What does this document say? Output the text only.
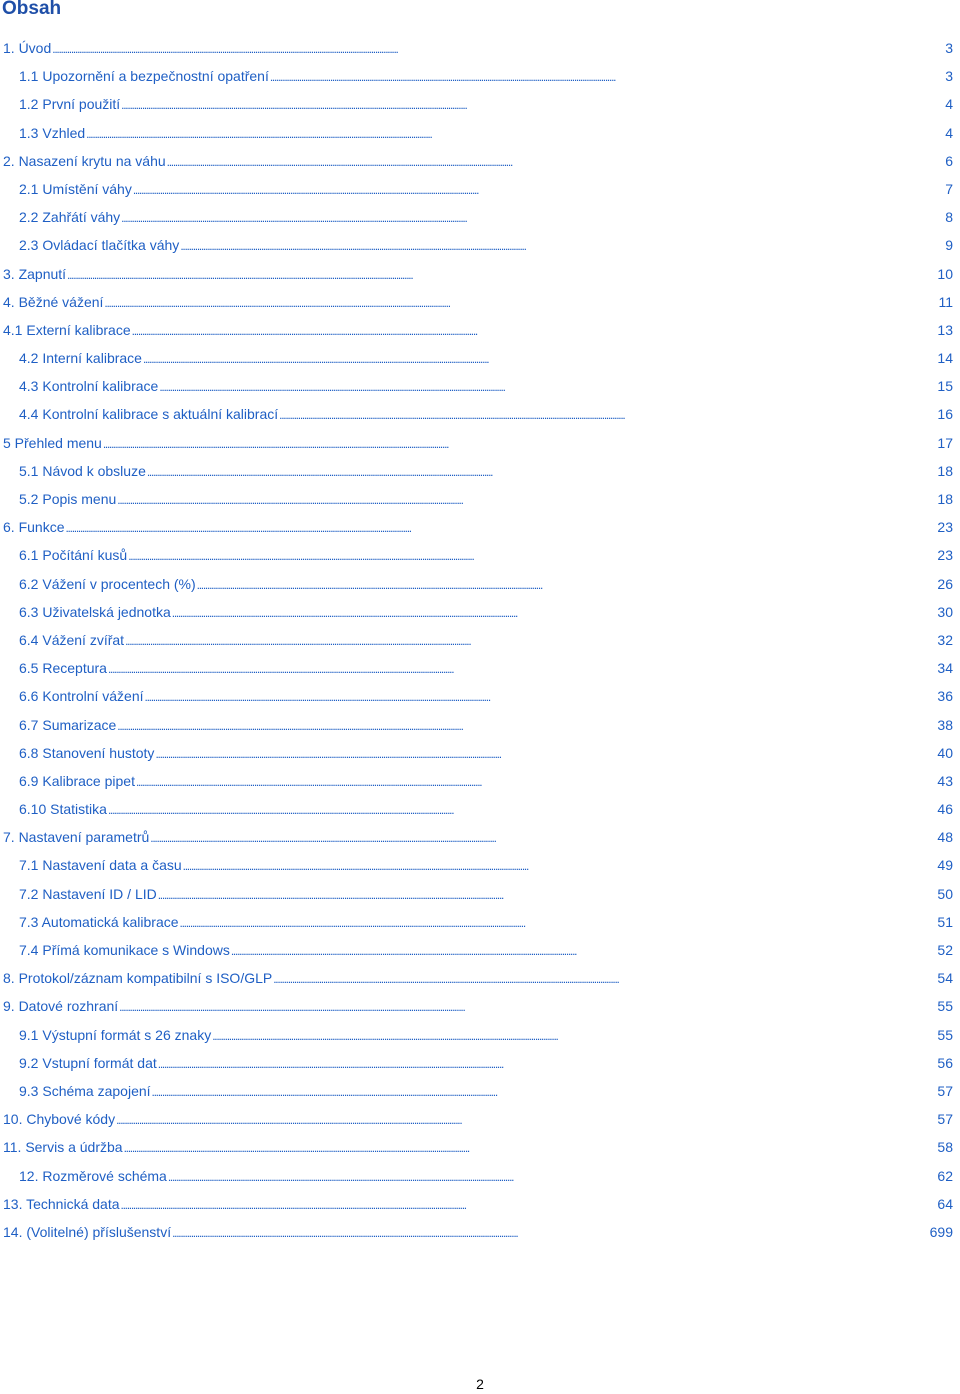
Obsah
1. Úvod . . .	3
1.1 Upozornění a bezpečnostní opatření . . .	3
1.2 První použití . . .	4
1.3 Vzhled . . .	4
2. Nasazení krytu na váhu . . .	6
2.1 Umístění váhy . . .	7
2.2 Zahřátí váhy . . .	8
2.3 Ovládací tlačítka váhy . . .	9
3. Zapnutí . . .	10
4. Běžné vážení . . .	11
4.1 Externí kalibrace . . .	13
4.2 Interní kalibrace . . .	14
4.3 Kontrolní kalibrace . . .	15
4.4 Kontrolní kalibrace s aktuální kalibrací . . .	16
5 Přehled menu . . .	17
5.1 Návod k obsluze . . .	18
5.2 Popis menu . . .	18
6. Funkce . . .	23
6.1 Počítání kusů . . .	23
6.2 Vážení v procentech (%) . . .	26
6.3 Uživatelská jednotka . . .	30
6.4 Vážení zvířat . . .	32
6.5 Receptura . . .	34
6.6 Kontrolní vážení . . .	36
6.7 Sumarizace . . .	38
6.8 Stanovení hustoty . . .	40
6.9 Kalibrace pipet . . .	43
6.10 Statistika . . .	46
7. Nastavení parametrů . . .	48
7.1 Nastavení data a času . . .	49
7.2 Nastavení ID / LID . . .	50
7.3 Automatická kalibrace . . .	51
7.4 Přímá komunikace s Windows . . .	52
8. Protokol/záznam kompatibilní s ISO/GLP . . .	54
9. Datové rozhraní . . .	55
9.1 Výstupní formát s 26 znaky . . .	55
9.2 Vstupní formát dat . . .	56
9.3 Schéma zapojení . . .	57
10. Chybové kódy . . .	57
11. Servis a údržba . . .	58
12. Rozměrové schéma . . .	62
13. Technická data . . .	64
14. (Volitelné) příslušenství . . .	699
2
